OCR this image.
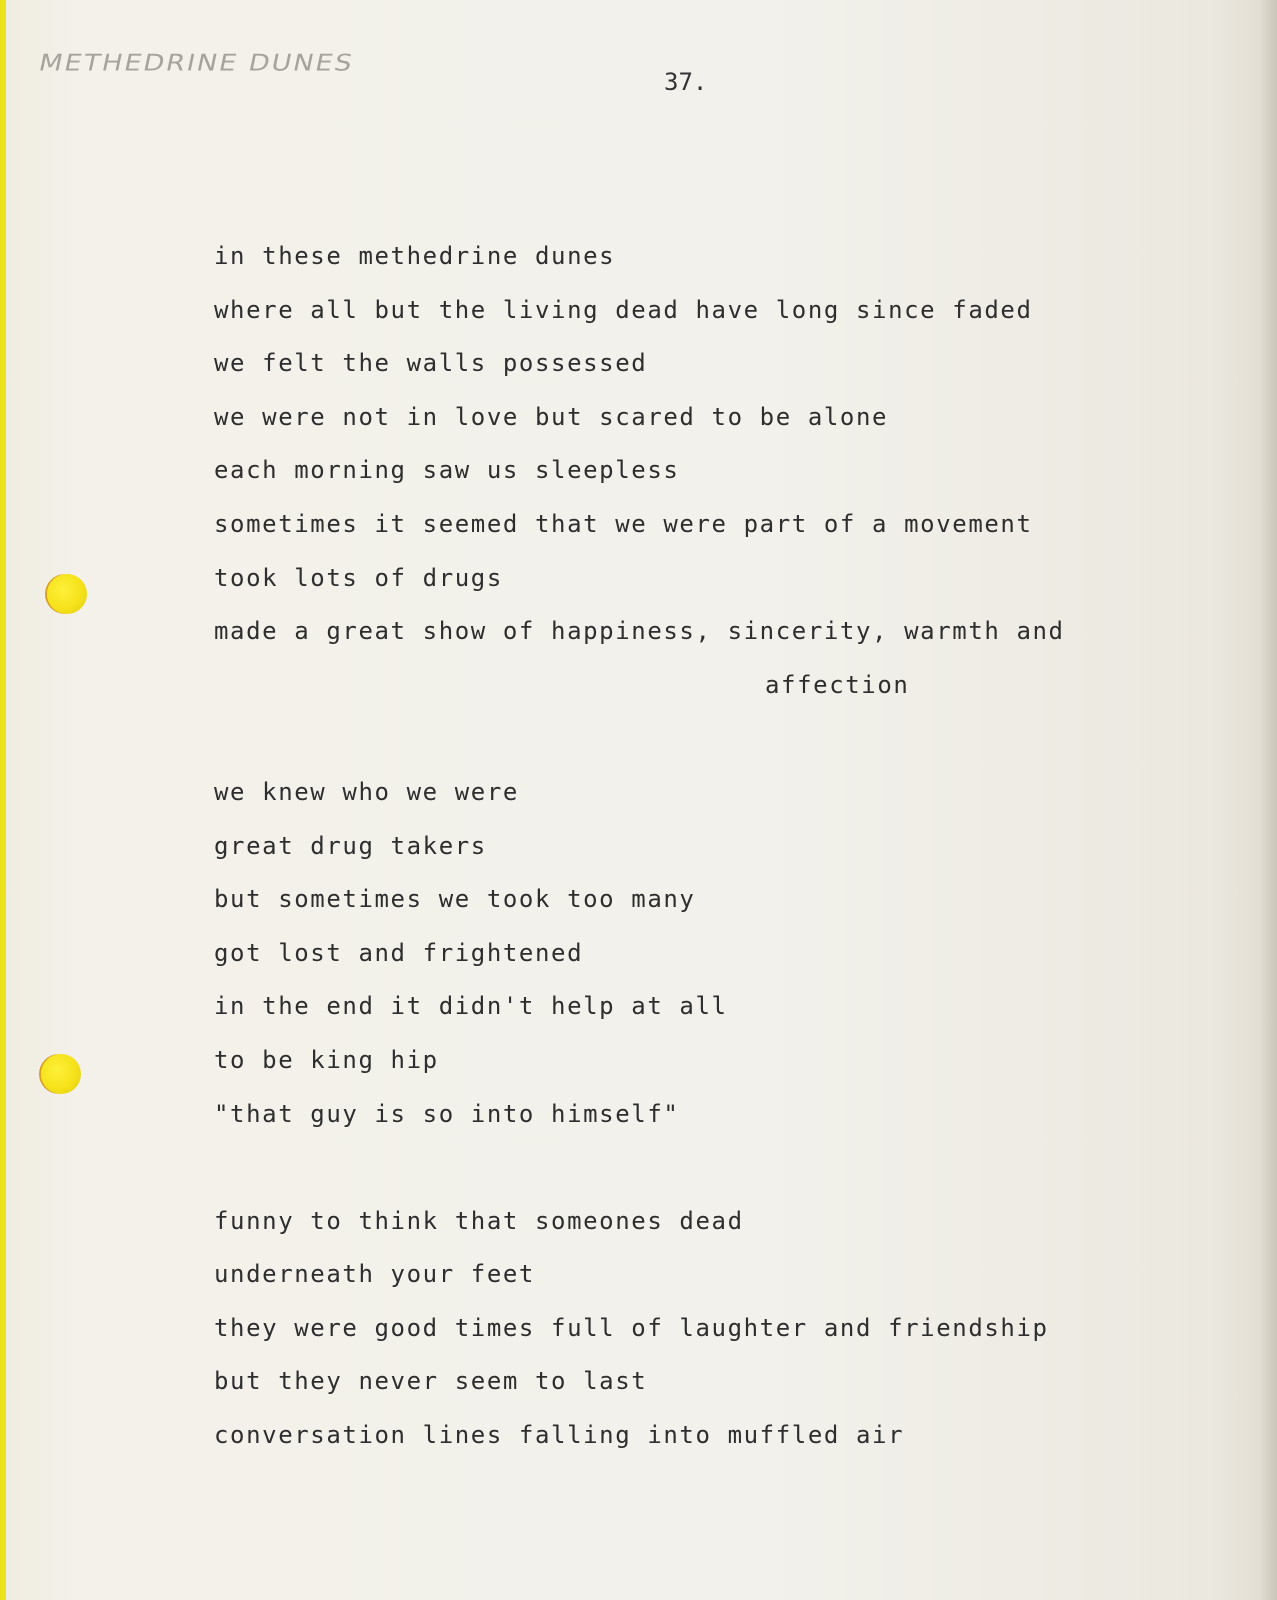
METHEDRINE DUNES
37.
in these methedrine dunes
where all but the living dead have long since faded
we felt the walls possessed
we were not in love but scared to be alone
each morning saw us sleepless
sometimes it seemed that we were part of a movement
took lots of drugs
made a great show of happiness, sincerity, warmth and
affection
we knew who we were
great drug takers
but sometimes we took too many
got lost and frightened
in the end it didn't help at all
to be king hip
"that guy is so into himself"
funny to think that someones dead
underneath your feet
they were good times full of laughter and friendship
but they never seem to last
conversation lines falling into muffled air
